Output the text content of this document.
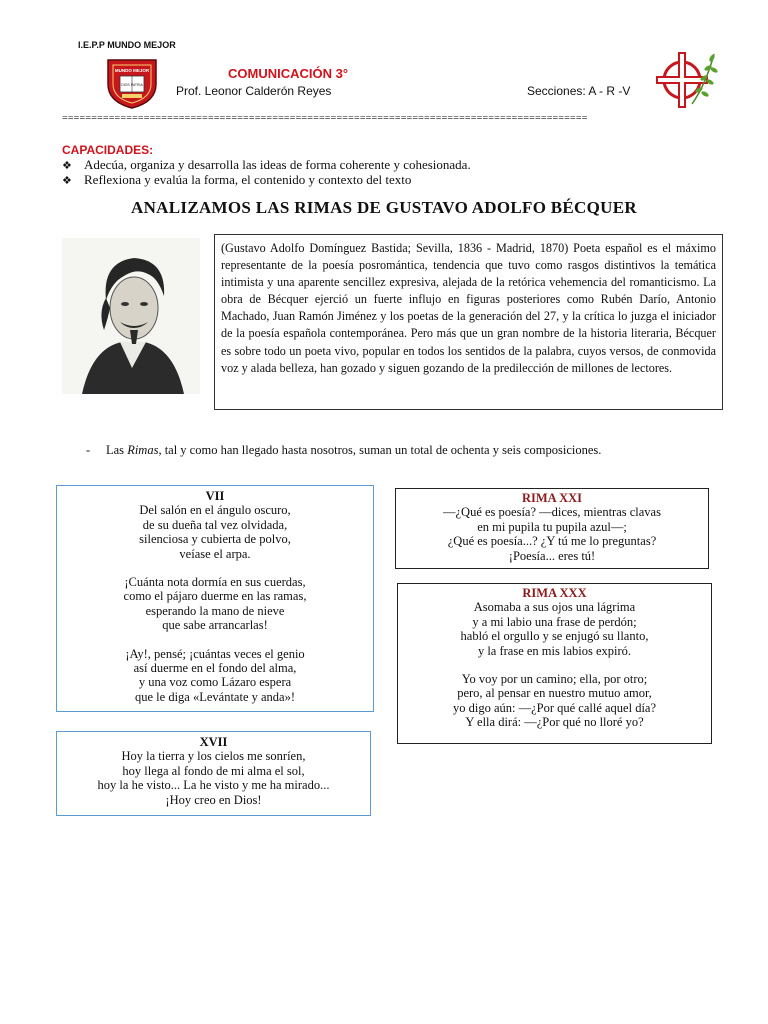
I.E.P.P MUNDO MEJOR
MUNDO MEJOR
DIOS PATRIA
COMUNICACIÓN 3°
Prof. Leonor Calderón Reyes	Secciones: A - R -V
==========================================================================================
CAPACIDADES:
❖ Adecúa, organiza y desarrolla las ideas de forma coherente y cohesionada.
❖ Reflexiona y evalúa la forma, el contenido y contexto del texto
ANALIZAMOS LAS RIMAS DE GUSTAVO ADOLFO BÉCQUER
(Gustavo Adolfo Domínguez Bastida; Sevilla, 1836 - Madrid, 1870) Poeta español es el máximo representante de la poesía posromántica, tendencia que tuvo como rasgos distintivos la temática intimista y una aparente sencillez expresiva, alejada de la retórica vehemencia del romanticismo. La obra de Bécquer ejerció un fuerte influjo en figuras posteriores como Rubén Darío, Antonio Machado, Juan Ramón Jiménez y los poetas de la generación del 27, y la crítica lo juzga el iniciador de la poesía española contemporánea. Pero más que un gran nombre de la historia literaria, Bécquer es sobre todo un poeta vivo, popular en todos los sentidos de la palabra, cuyos versos, de conmovida voz y alada belleza, han gozado y siguen gozando de la predilección de millones de lectores.
- Las Rimas, tal y como han llegado hasta nosotros, suman un total de ochenta y seis composiciones.
VII
Del salón en el ángulo oscuro,
de su dueña tal vez olvidada,
silenciosa y cubierta de polvo,
veíase el arpa.
¡Cuánta nota dormía en sus cuerdas,
como el pájaro duerme en las ramas,
esperando la mano de nieve
que sabe arrancarlas!
¡Ay!, pensé; ¡cuántas veces el genio
así duerme en el fondo del alma,
y una voz como Lázaro espera
que le diga «Levántate y anda»!
XVII
Hoy la tierra y los cielos me sonríen,
hoy llega al fondo de mi alma el sol,
hoy la he visto... La he visto y me ha mirado...
¡Hoy creo en Dios!
RIMA XXI
—¿Qué es poesía? —dices, mientras clavas
en mi pupila tu pupila azul—;
¿Qué es poesía...? ¿Y tú me lo preguntas?
¡Poesía... eres tú!
RIMA XXX
Asomaba a sus ojos una lágrima
y a mi labio una frase de perdón;
habló el orgullo y se enjugó su llanto,
y la frase en mis labios expiró.
Yo voy por un camino; ella, por otro;
pero, al pensar en nuestro mutuo amor,
yo digo aún: —¿Por qué callé aquel día?
Y ella dirá: —¿Por qué no lloré yo?
